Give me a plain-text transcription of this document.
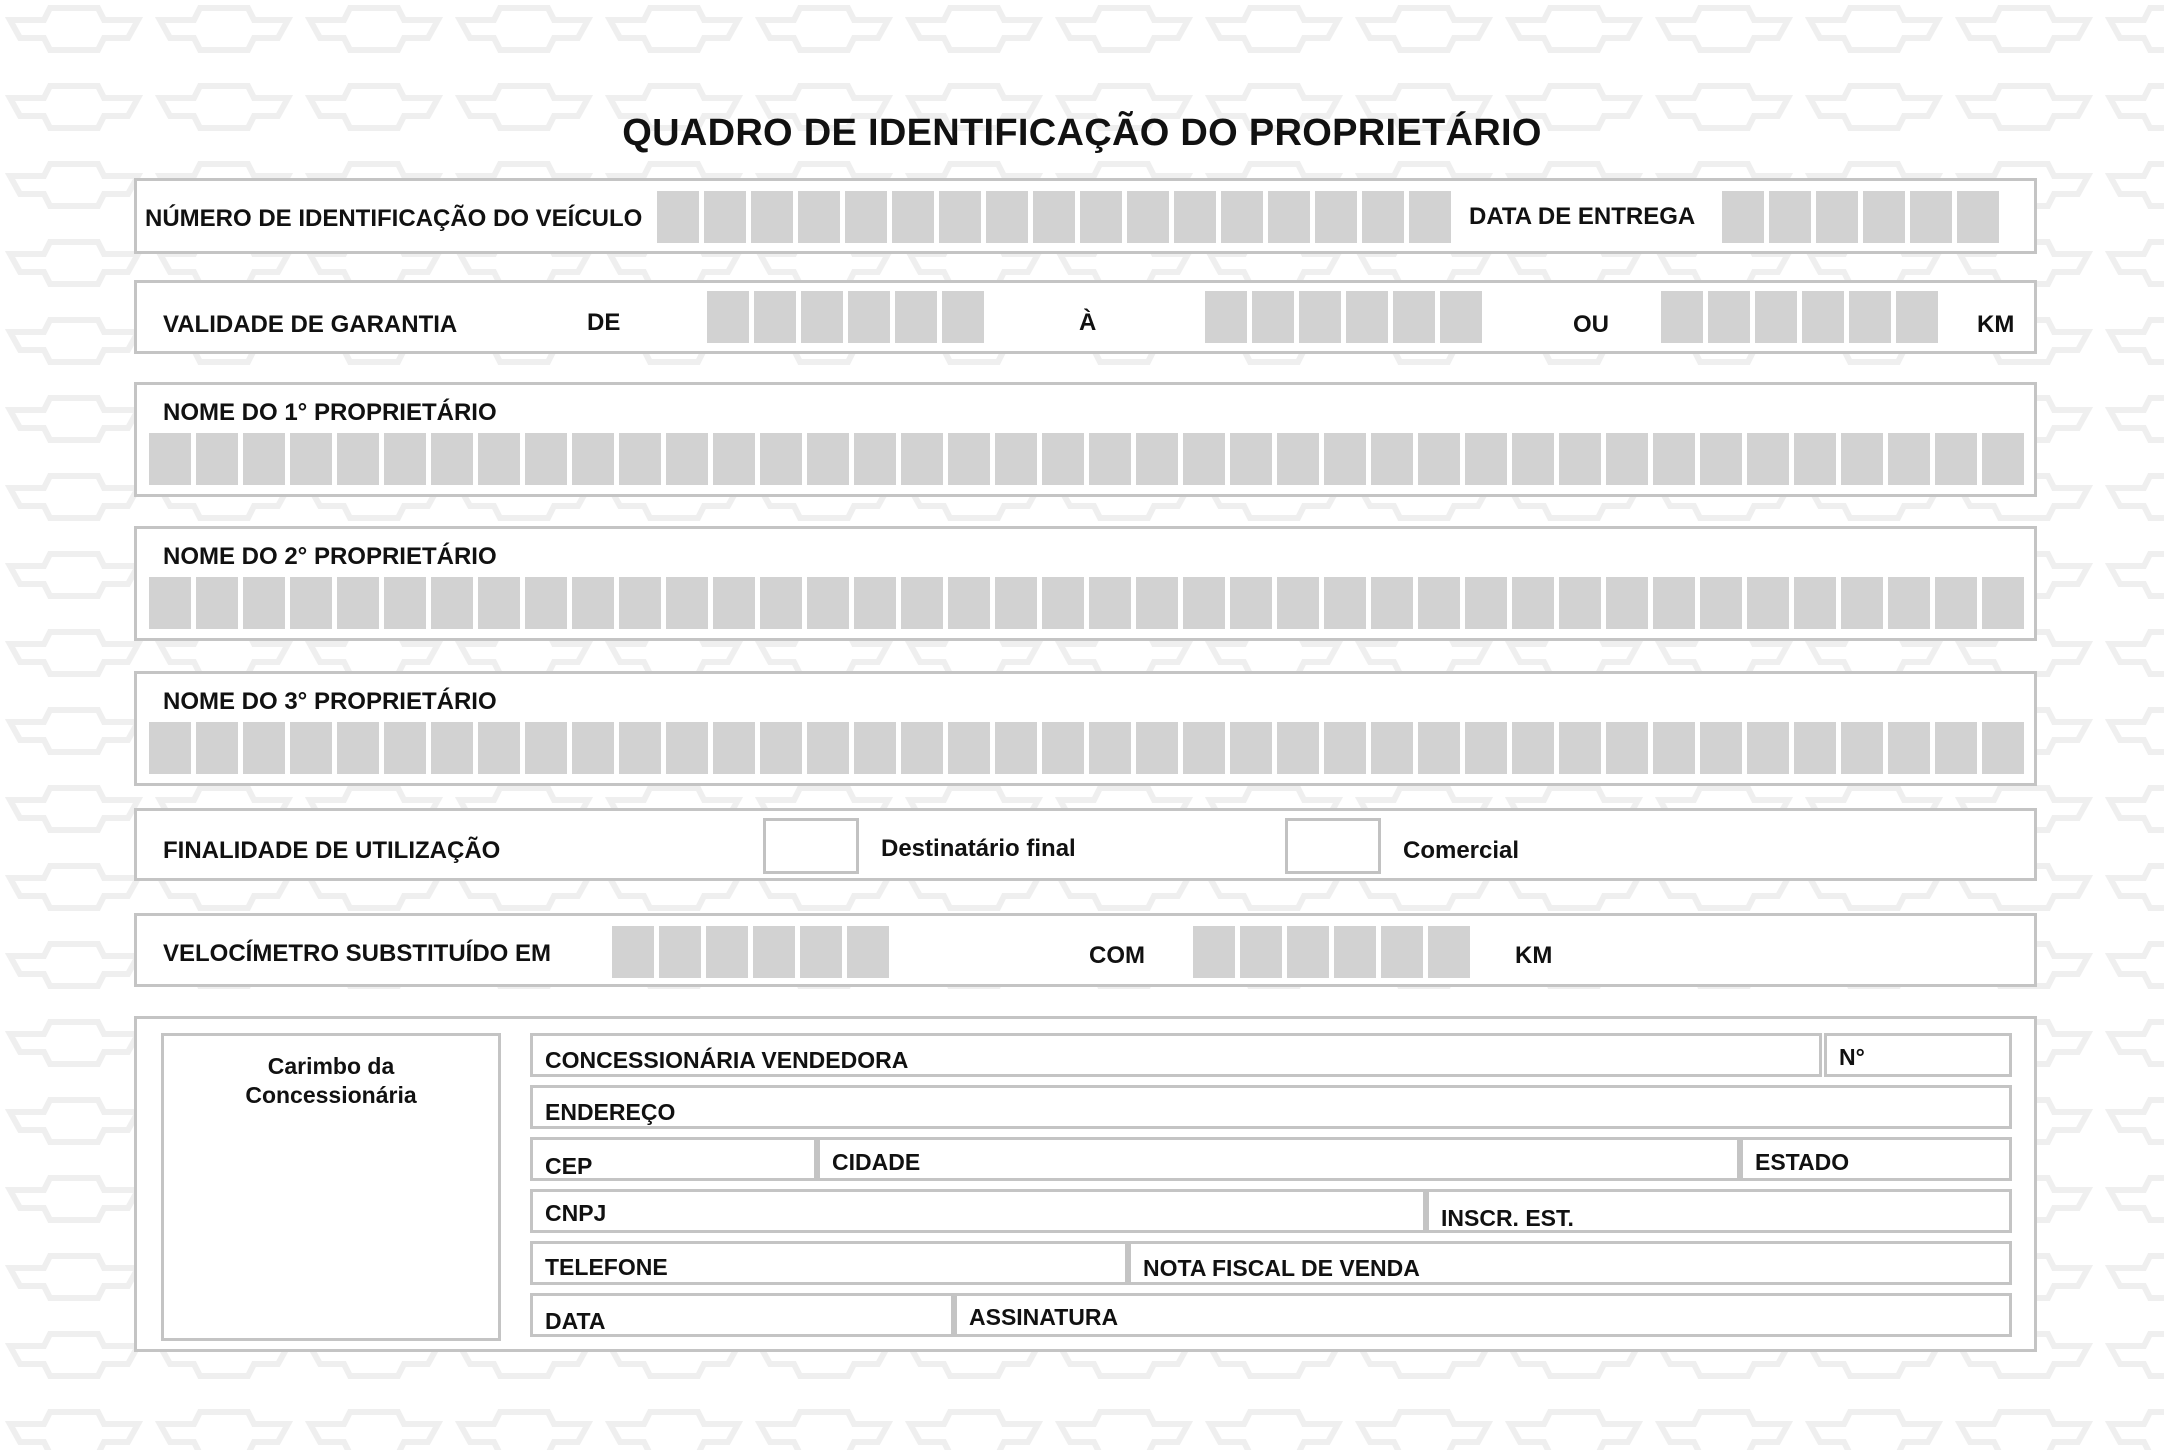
QUADRO DE IDENTIFICAÇÃO DO PROPRIETÁRIO
NÚMERO DE IDENTIFICAÇÃO DO VEÍCULO	DATA DE ENTREGA
VALIDADE DE GARANTIA	DE	À	OU	KM
NOME DO 1° PROPRIETÁRIO
NOME DO 2° PROPRIETÁRIO
NOME DO 3° PROPRIETÁRIO
FINALIDADE DE UTILIZAÇÃO	Destinatário final	Comercial
VELOCÍMETRO SUBSTITUÍDO EM	COM	KM
Carimbo da
Concessionária
CONCESSIONÁRIA VENDEDORA	N°
ENDEREÇO
CEP	CIDADE	ESTADO
CNPJ	INSCR. EST.
TELEFONE	NOTA FISCAL DE VENDA
DATA	ASSINATURA
